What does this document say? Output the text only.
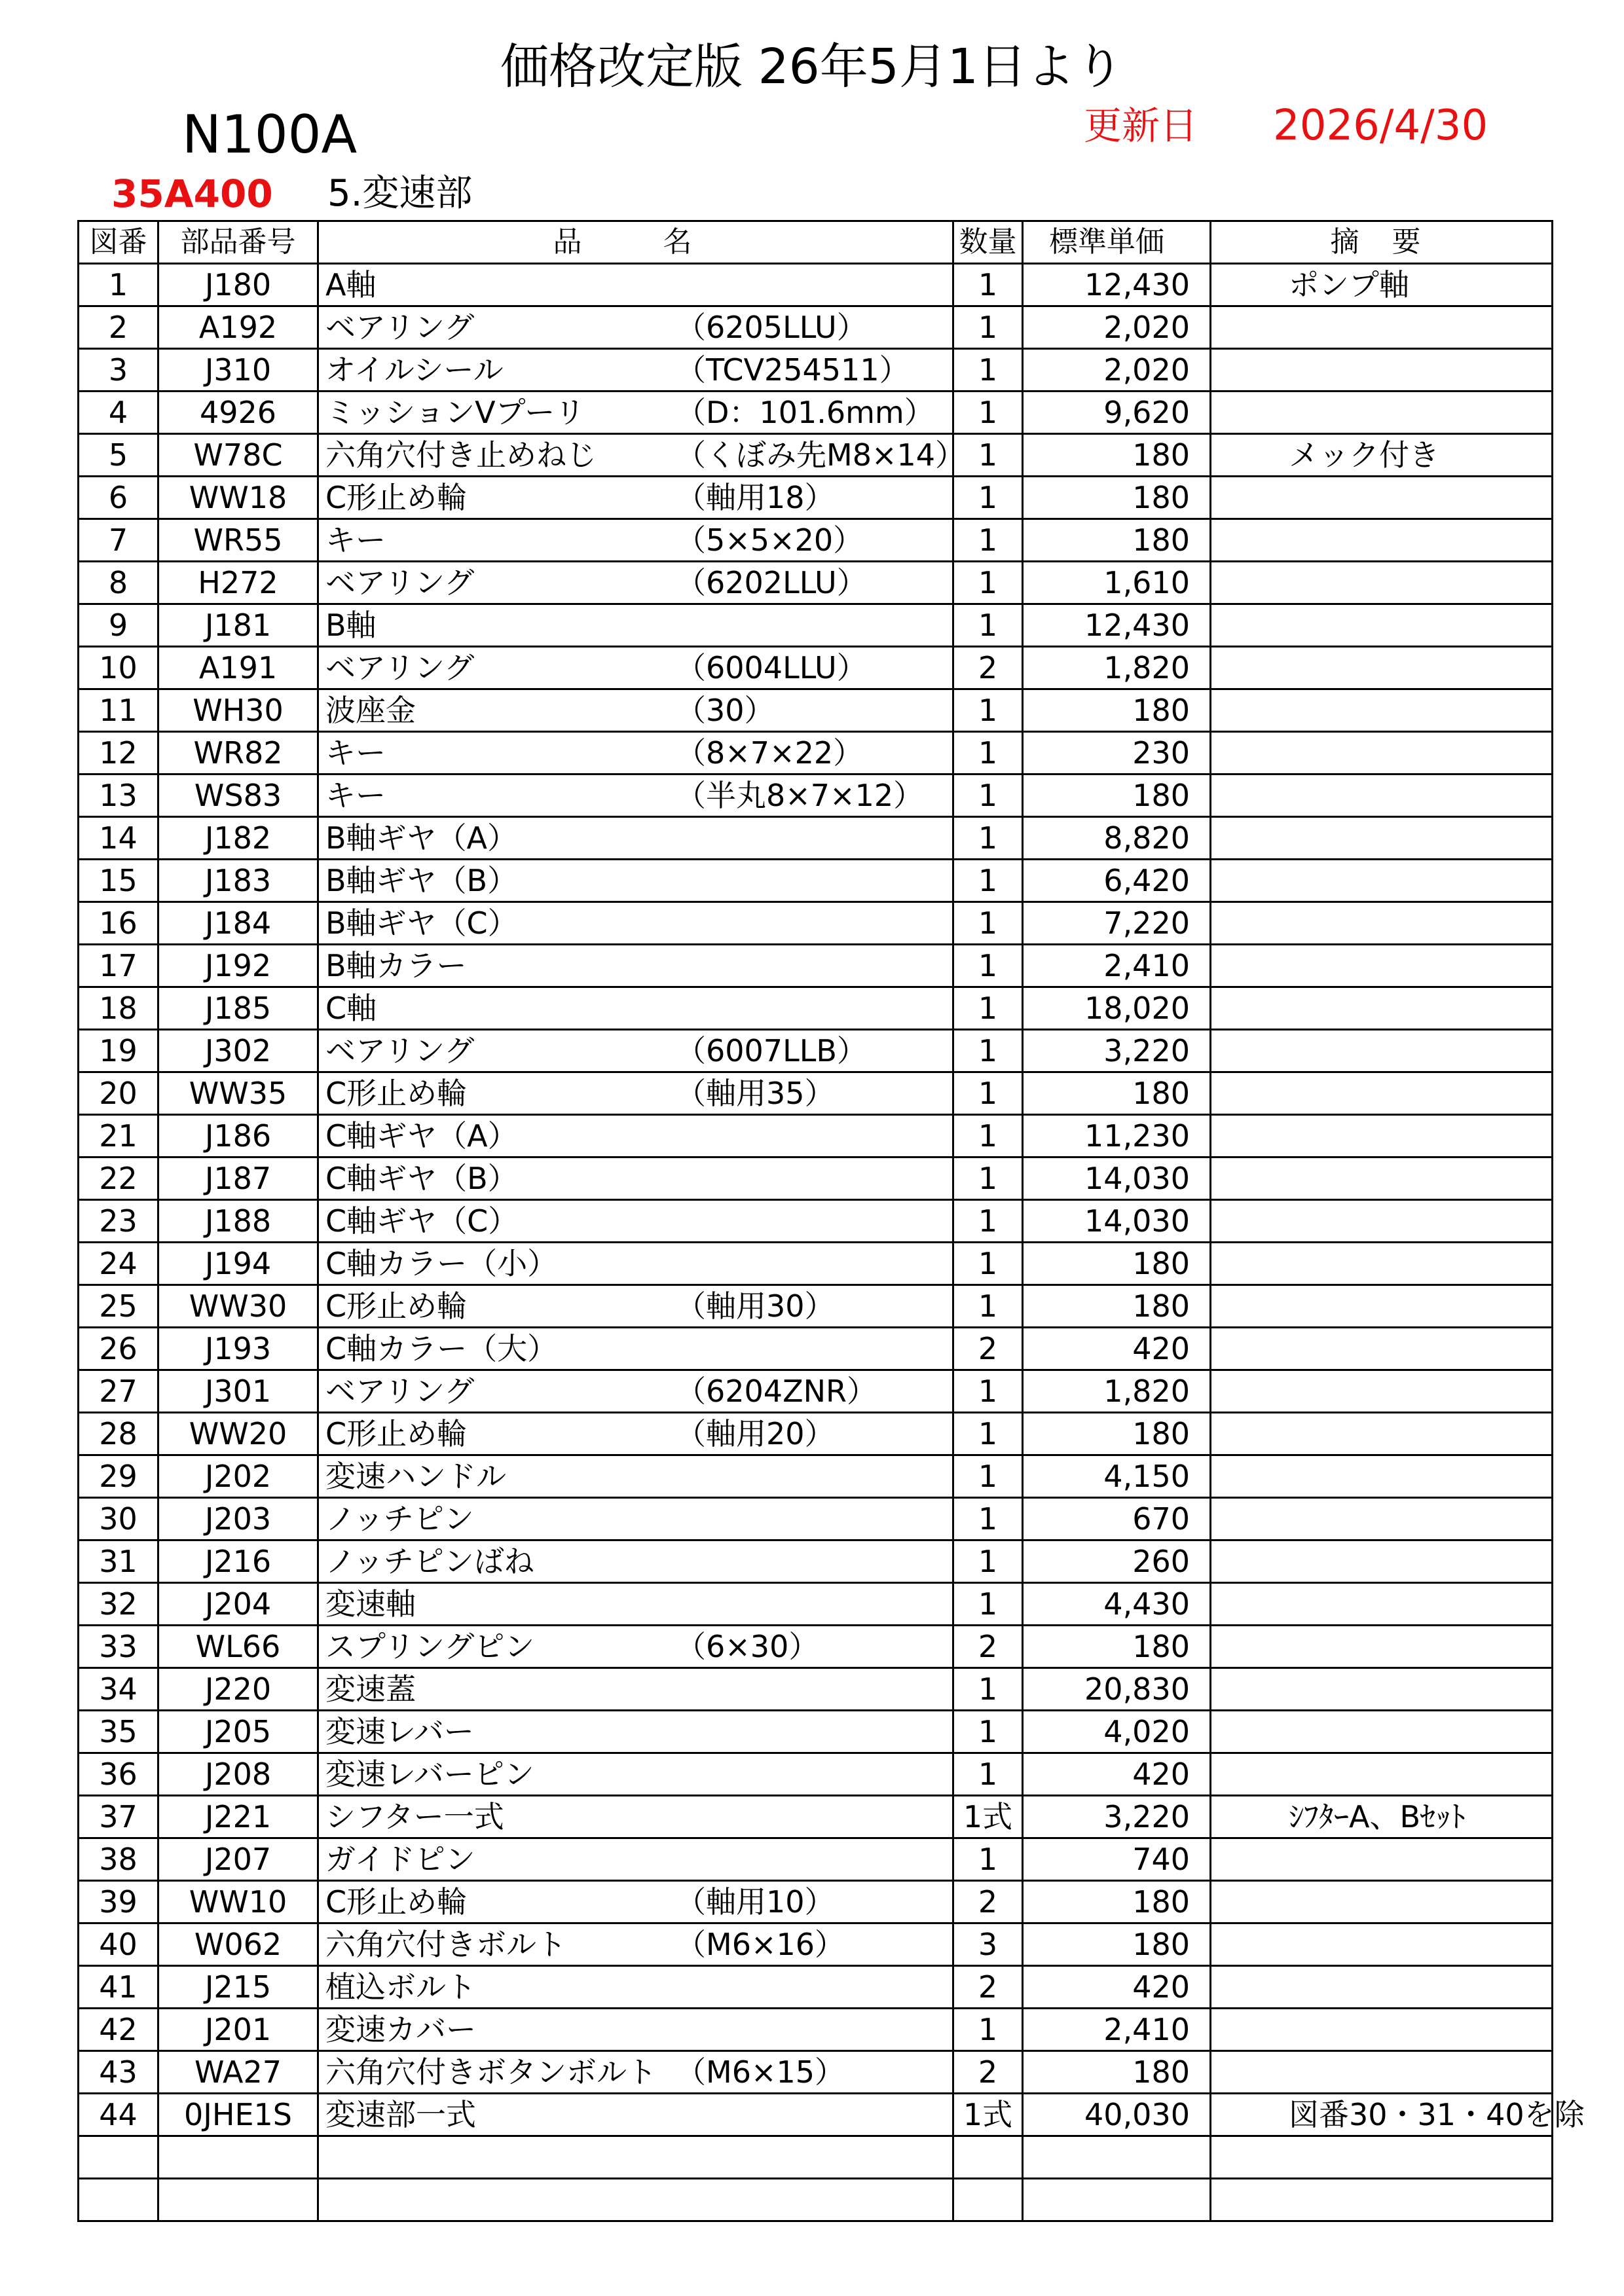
価格改定版 26年5月1日より
N100A	更新日 2026/4/30
35A400 5.変速部
図番	部品番号	品　名	数量	標準単価	摘 要
1	J180	A軸	1	12,430	ポンプ軸
2	A192	ベアリング （6205LLU）	1	2,020	
3	J310	オイルシール （TCV254511）	1	2,020	
4	4926	ミッションVプーリ （D：101.6mm）	1	9,620	
5	W78C	六角穴付き止めねじ （くぼみ先M8×14）	1	180	メック付き
6	WW18	C形止め輪 （軸用18）	1	180	
7	WR55	キー （5×5×20）	1	180	
8	H272	ベアリング （6202LLU）	1	1,610	
9	J181	B軸	1	12,430	
10	A191	ベアリング （6004LLU）	2	1,820	
11	WH30	波座金 （30）	1	180	
12	WR82	キー （8×7×22）	1	230	
13	WS83	キー （半丸8×7×12）	1	180	
14	J182	B軸ギヤ（A）	1	8,820	
15	J183	B軸ギヤ（B）	1	6,420	
16	J184	B軸ギヤ（C）	1	7,220	
17	J192	B軸カラー	1	2,410	
18	J185	C軸	1	18,020	
19	J302	ベアリング （6007LLB）	1	3,220	
20	WW35	C形止め輪 （軸用35）	1	180	
21	J186	C軸ギヤ（A）	1	11,230	
22	J187	C軸ギヤ（B）	1	14,030	
23	J188	C軸ギヤ（C）	1	14,030	
24	J194	C軸カラー（小）	1	180	
25	WW30	C形止め輪 （軸用30）	1	180	
26	J193	C軸カラー（大）	2	420	
27	J301	ベアリング （6204ZNR）	1	1,820	
28	WW20	C形止め輪 （軸用20）	1	180	
29	J202	変速ハンドル	1	4,150	
30	J203	ノッチピン	1	670	
31	J216	ノッチピンばね	1	260	
32	J204	変速軸	1	4,430	
33	WL66	スプリングピン （6×30）	2	180	
34	J220	変速蓋	1	20,830	
35	J205	変速レバー	1	4,020	
36	J208	変速レバーピン	1	420	
37	J221	シフター一式	1式	3,220	ｼﾌﾀｰA、Bｾｯﾄ
38	J207	ガイドピン	1	740	
39	WW10	C形止め輪 （軸用10）	2	180	
40	W062	六角穴付きボルト （M6×16）	3	180	
41	J215	植込ボルト	2	420	
42	J201	変速カバー	1	2,410	
43	WA27	六角穴付きボタンボルト （M6×15）	2	180	
44	0JHE1S	変速部一式	1式	40,030	図番30・31・40を除
